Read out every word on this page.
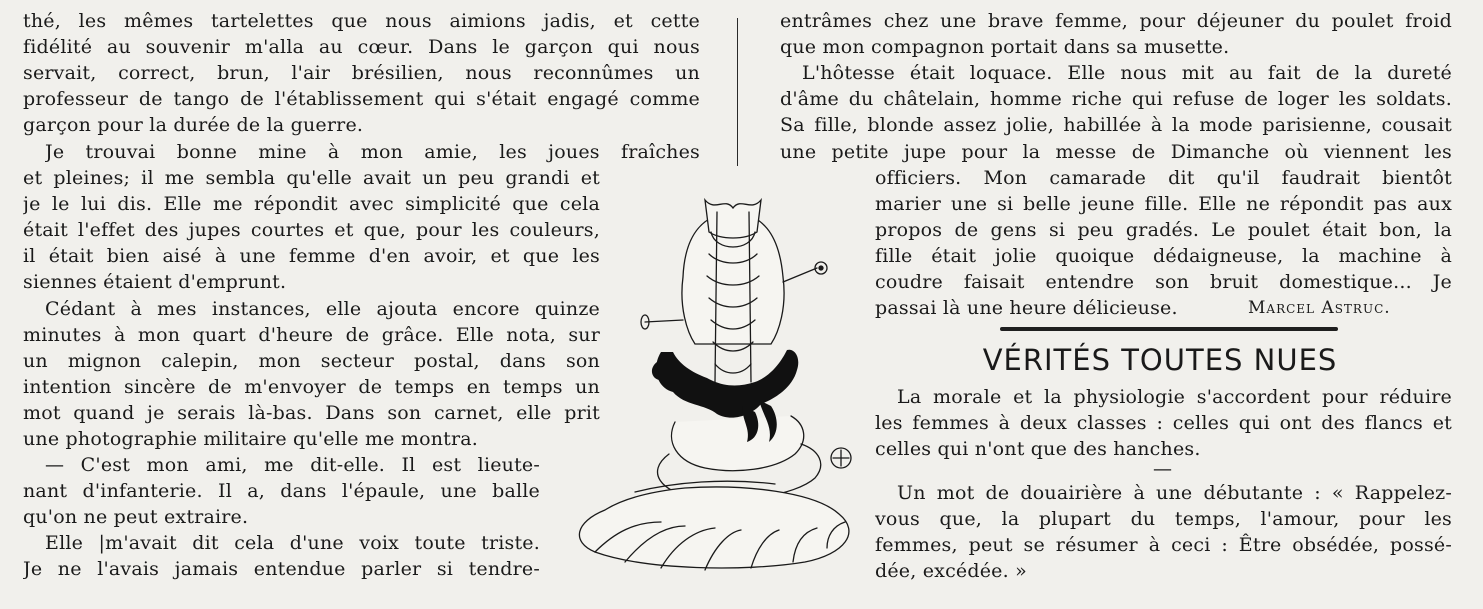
thé, les mêmes tartelettes que nous aimions jadis, et cette
fidélité au souvenir m'alla au cœur. Dans le garçon qui nous
servait, correct, brun, l'air brésilien, nous reconnûmes un
professeur de tango de l'établissement qui s'était engagé comme
garçon pour la durée de la guerre.
Je trouvai bonne mine à mon amie, les joues fraîches
et pleines; il me sembla qu'elle avait un peu grandi et
je le lui dis. Elle me répondit avec simplicité que cela
était l'effet des jupes courtes et que, pour les couleurs,
il était bien aisé à une femme d'en avoir, et que les
siennes étaient d'emprunt.
Cédant à mes instances, elle ajouta encore quinze
minutes à mon quart d'heure de grâce. Elle nota, sur
un mignon calepin, mon secteur postal, dans son
intention sincère de m'envoyer de temps en temps un
mot quand je serais là-bas. Dans son carnet, elle prit
une photographie militaire qu'elle me montra.
— C'est mon ami, me dit-elle. Il est lieute-
nant d'infanterie. Il a, dans l'épaule, une balle
qu'on ne peut extraire.
Elle |m'avait dit cela d'une voix toute triste.
Je ne l'avais jamais entendue parler si tendre-
entrâmes chez une brave femme, pour déjeuner du poulet froid
que mon compagnon portait dans sa musette.
L'hôtesse était loquace. Elle nous mit au fait de la dureté
d'âme du châtelain, homme riche qui refuse de loger les soldats.
Sa fille, blonde assez jolie, habillée à la mode parisienne, cousait
une petite jupe pour la messe de Dimanche où viennent les
officiers. Mon camarade dit qu'il faudrait bientôt
marier une si belle jeune fille. Elle ne répondit pas aux
propos de gens si peu gradés. Le poulet était bon, la
fille était jolie quoique dédaigneuse, la machine à
coudre faisait entendre son bruit domestique... Je
passai là une heure délicieuse.	Marcel Astruc.
VÉRITÉS TOUTES NUES
La morale et la physiologie s'accordent pour réduire
les femmes à deux classes : celles qui ont des flancs et
celles qui n'ont que des hanches.
—
Un mot de douairière à une débutante : « Rappelez-
vous que, la plupart du temps, l'amour, pour les
femmes, peut se résumer à ceci : Être obsédée, possé-
dée, excédée. »
